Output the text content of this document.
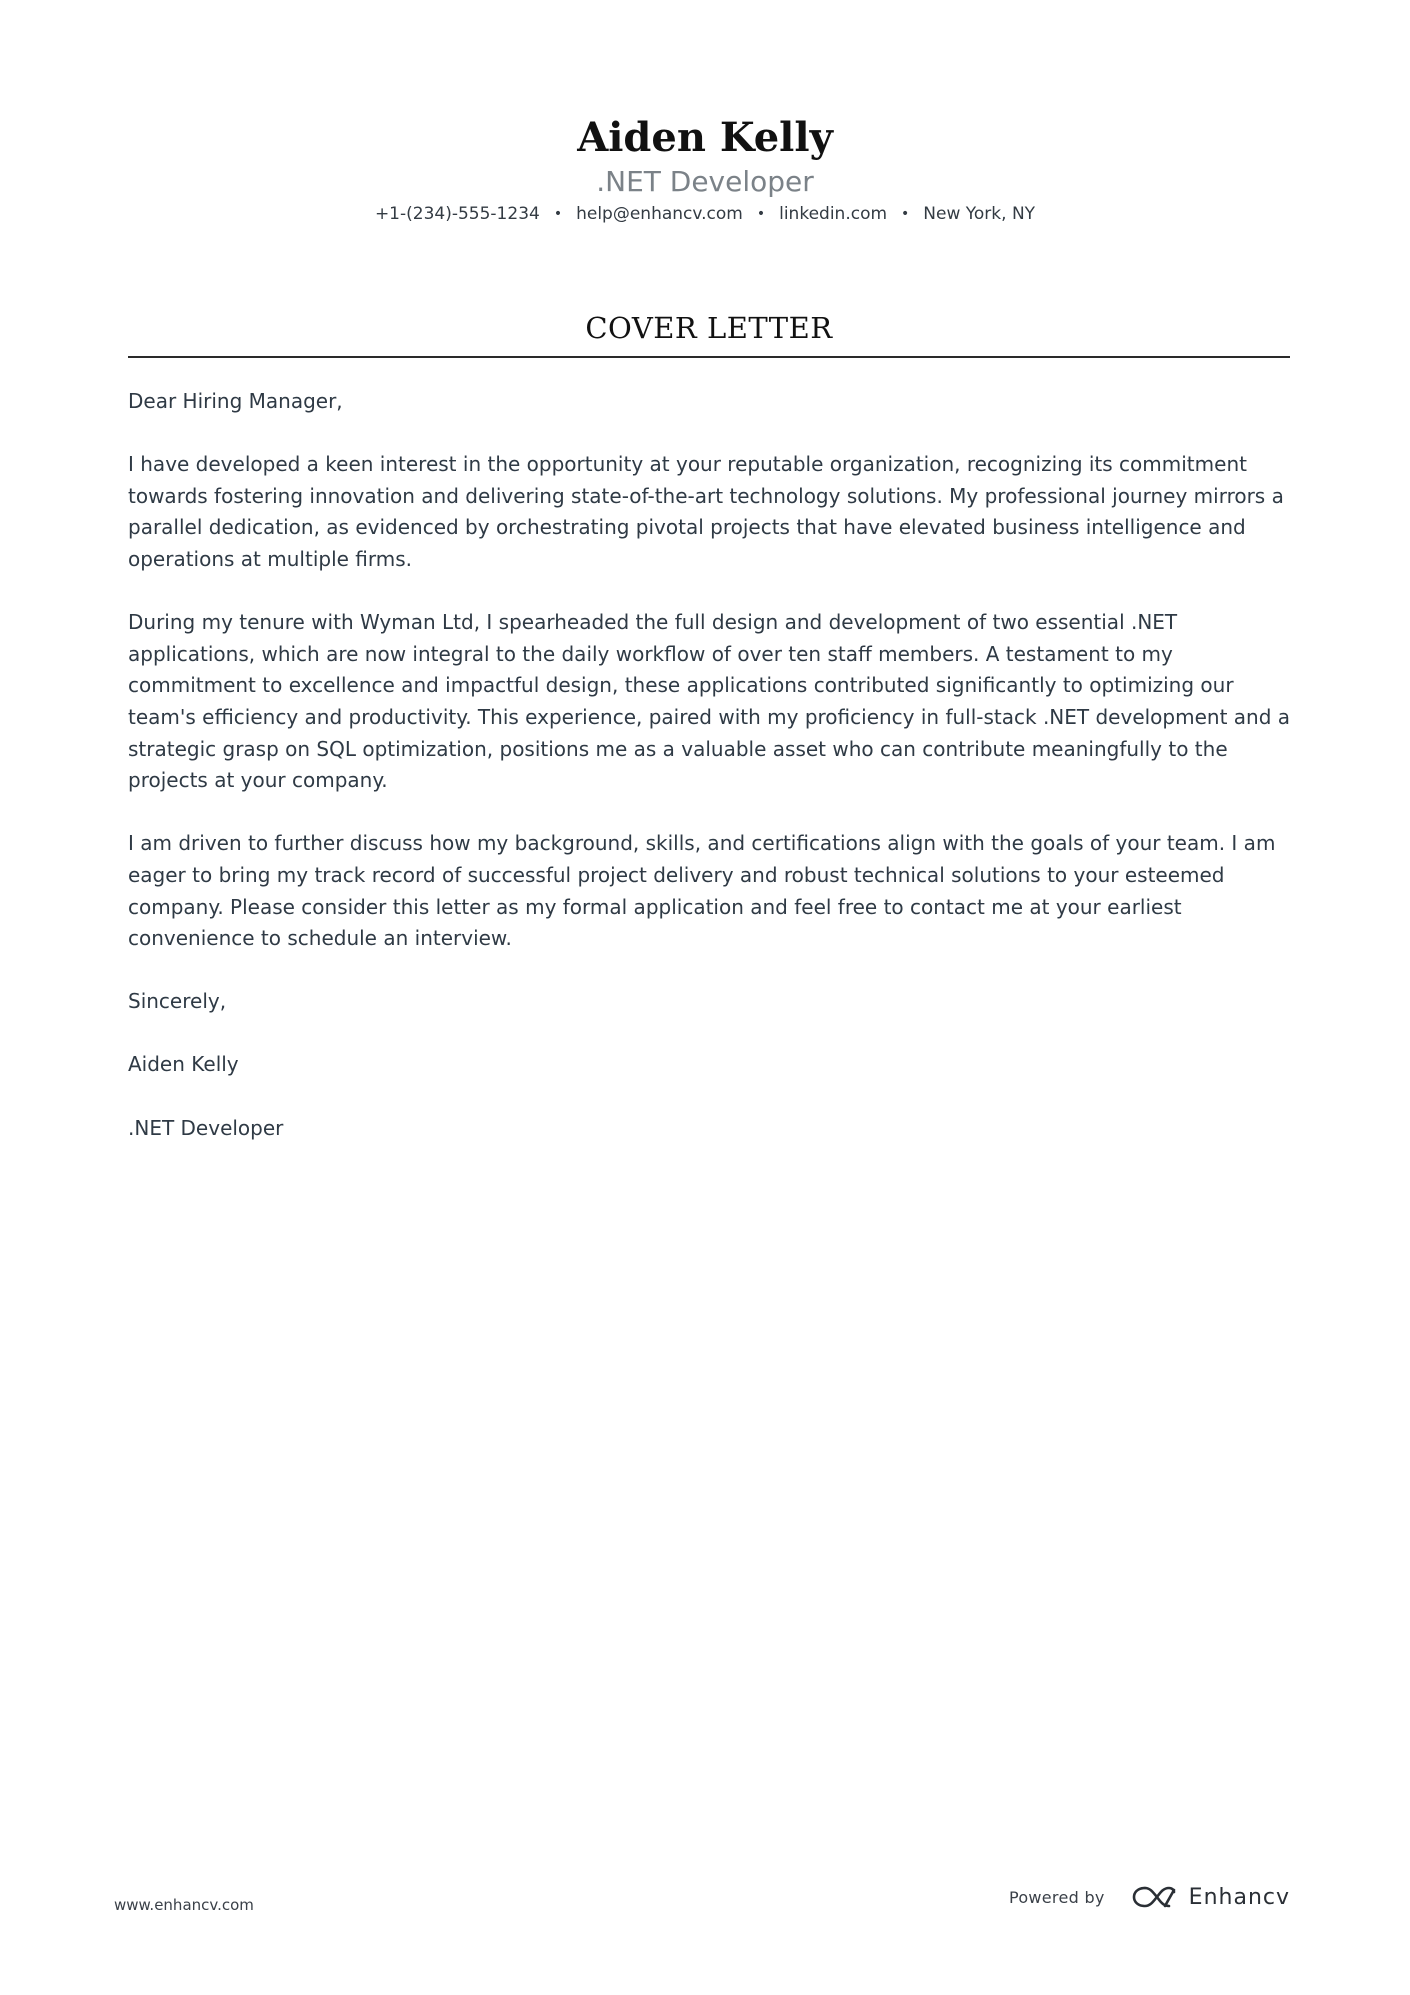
Aiden Kelly
.NET Developer
+1-(234)-555-1234 • help@enhancv.com • linkedin.com • New York, NY
COVER LETTER

Dear Hiring Manager,

I have developed a keen interest in the opportunity at your reputable organization, recognizing its commitment towards fostering innovation and delivering state-of-the-art technology solutions. My professional journey mirrors a parallel dedication, as evidenced by orchestrating pivotal projects that have elevated business intelligence and operations at multiple firms.

During my tenure with Wyman Ltd, I spearheaded the full design and development of two essential .NET applications, which are now integral to the daily workflow of over ten staff members. A testament to my commitment to excellence and impactful design, these applications contributed significantly to optimizing our team's efficiency and productivity. This experience, paired with my proficiency in full-stack .NET development and a strategic grasp on SQL optimization, positions me as a valuable asset who can contribute meaningfully to the projects at your company.

I am driven to further discuss how my background, skills, and certifications align with the goals of your team. I am eager to bring my track record of successful project delivery and robust technical solutions to your esteemed company. Please consider this letter as my formal application and feel free to contact me at your earliest convenience to schedule an interview.

Sincerely,

Aiden Kelly

.NET Developer

www.enhancv.com	Powered by	Enhancv
